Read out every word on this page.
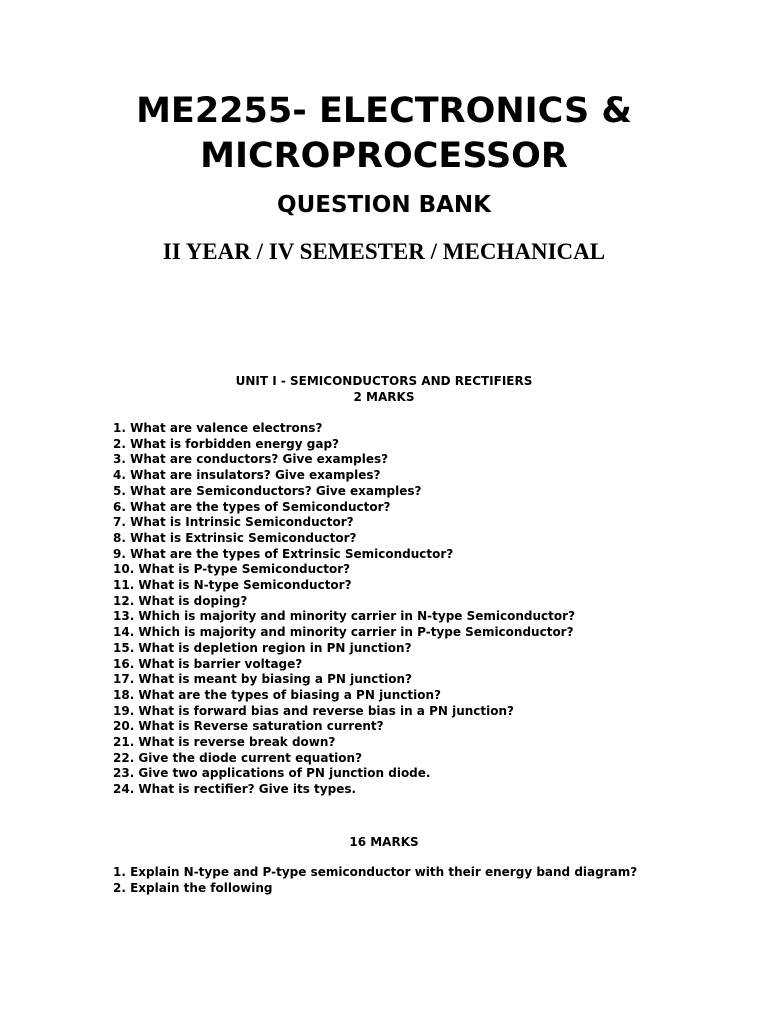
ME2255- ELECTRONICS &
MICROPROCESSOR
QUESTION BANK
II YEAR / IV SEMESTER / MECHANICAL
UNIT I - SEMICONDUCTORS AND RECTIFIERS
2 MARKS
1. What are valence electrons?
2. What is forbidden energy gap?
3. What are conductors? Give examples?
4. What are insulators? Give examples?
5. What are Semiconductors? Give examples?
6. What are the types of Semiconductor?
7. What is Intrinsic Semiconductor?
8. What is Extrinsic Semiconductor?
9. What are the types of Extrinsic Semiconductor?
10. What is P-type Semiconductor?
11. What is N-type Semiconductor?
12. What is doping?
13. Which is majority and minority carrier in N-type Semiconductor?
14. Which is majority and minority carrier in P-type Semiconductor?
15. What is depletion region in PN junction?
16. What is barrier voltage?
17. What is meant by biasing a PN junction?
18. What are the types of biasing a PN junction?
19. What is forward bias and reverse bias in a PN junction?
20. What is Reverse saturation current?
21. What is reverse break down?
22. Give the diode current equation?
23. Give two applications of PN junction diode.
24. What is rectifier? Give its types.
16 MARKS
1. Explain N-type and P-type semiconductor with their energy band diagram?
2. Explain the following
